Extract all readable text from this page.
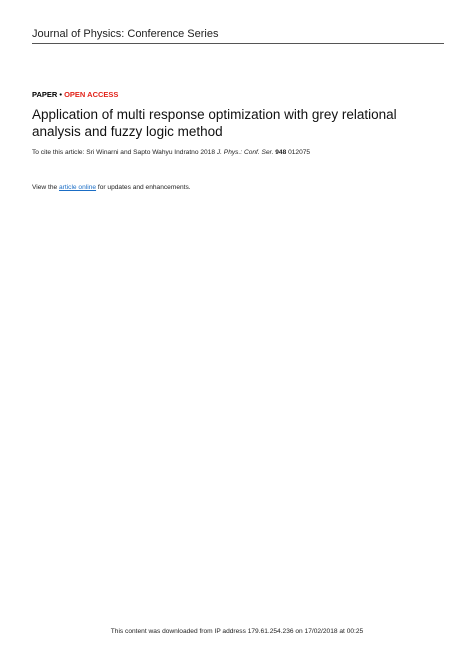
Journal of Physics: Conference Series
PAPER • OPEN ACCESS
Application of multi response optimization with grey relational analysis and fuzzy logic method
To cite this article: Sri Winarni and Sapto Wahyu Indratno 2018 J. Phys.: Conf. Ser. 948 012075
View the article online for updates and enhancements.
This content was downloaded from IP address 179.61.254.236 on 17/02/2018 at 00:25
